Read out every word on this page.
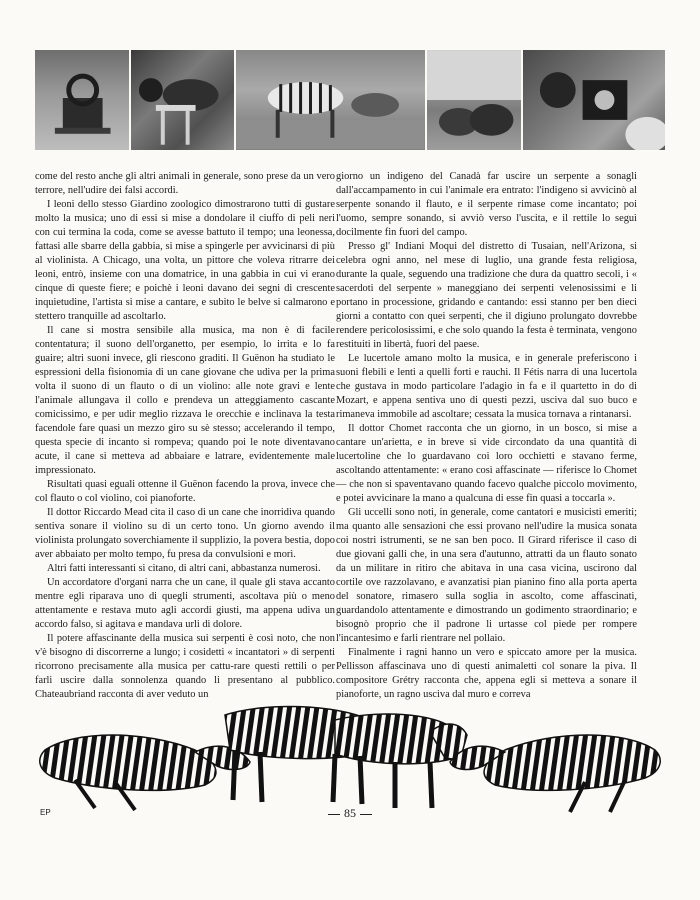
come del resto anche gli altri animali in generale, sono prese da un vero terrore, nell'udire dei falsi accordi.

I leoni dello stesso Giardino zoologico dimostrarono tutti di gustare molto la musica; uno di essi si mise a dondolare il ciuffo di peli neri con cui termina la coda, come se avesse battuto il tempo; una leonessa, fattasi alle sbarre della gabbia, si mise a spingerle per avvicinarsi di più al violinista. A Chicago, una volta, un pittore che voleva ritrarre dei leoni, entrò, insieme con una domatrice, in una gabbia in cui vi erano cinque di queste fiere; e poichè i leoni davano dei segni di crescente inquietudine, l'artista si mise a cantare, e subito le belve si calmarono e stettero tranquille ad ascoltarlo.

Il cane si mostra sensibile alla musica, ma non è di facile contentatura; il suono dell'organetto, per esempio, lo irrita e lo fa guaire; altri suoni invece, gli riescono graditi. Il Guënon ha studiato le espressioni della fisionomia di un cane giovane che udiva per la prima volta il suono di un flauto o di un violino: alle note gravi e lente l'animale allungava il collo e prendeva un atteggiamento cascante comicissimo, e per udir meglio rizzava le orecchie e inclinava la testa facendole fare quasi un mezzo giro su sè stesso; accelerando il tempo, questa specie di incanto si rompeva; quando poi le note diventavano acute, il cane si metteva ad abbaiare e latrare, evidentemente male impressionato.

Risultati quasi eguali ottenne il Guënon facendo la prova, invece che col flauto o col violino, coi pianoforte.

Il dottor Riccardo Mead cita il caso di un cane che inorridiva quando sentiva sonare il violino su di un certo tono. Un giorno avendo il violinista prolungato soverchiamente il supplizio, la povera bestia, dopo aver abbaiato per molto tempo, fu presa da convulsioni e morì.

Altri fatti interessanti si citano, di altri cani, abbastanza numerosi.

Un accordatore d'organi narra che un cane, il quale gli stava accanto mentre egli riparava uno di quegli strumenti, ascoltava più o meno attentamente e restava muto agli accordi giusti, ma appena udiva un accordo falso, si agitava e mandava urli di dolore.

Il potere affascinante della musica sui serpenti è così noto, che non v'è bisogno di discorrerne a lungo; i cosidetti « incantatori » di serpenti ricorrono precisamente alla musica per cattu-rare questi rettili o per farli uscire dalla sonnolenza quando li presentano al pubblico. Chateaubriand racconta di aver veduto un

giorno un indigeno del Canadà far uscire un serpente a sonagli dall'accampamento in cui l'animale era entrato: l'indigeno si avvicinò al serpente sonando il flauto, e il serpente rimase come incantato; poi l'uomo, sempre sonando, si avviò verso l'uscita, e il rettile lo seguì docilmente fin fuori del campo.

Presso gl' Indiani Moqui del distretto di Tusaian, nell'Arizona, si celebra ogni anno, nel mese di luglio, una grande festa religiosa, durante la quale, seguendo una tradizione che dura da quattro secoli, i « sacerdoti del serpente » maneggiano dei serpenti velenosissimi e li portano in processione, gridando e cantando: essi stanno per ben dieci giorni a contatto con quei serpenti, che il digiuno prolungato dovrebbe rendere pericolosissimi, e che solo quando la festa è terminata, vengono restituiti in libertà, fuori del paese.

Le lucertole amano molto la musica, e in generale preferiscono i suoni flebili e lenti a quelli forti e rauchi. Il Fétis narra di una lucertola che gustava in modo particolare l'adagio in fa e il quartetto in do di Mozart, e appena sentiva uno di questi pezzi, usciva dal suo buco e rimaneva immobile ad ascoltare; cessata la musica tornava a rintanarsi.

Il dottor Chomet racconta che un giorno, in un bosco, si mise a cantare un'arietta, e in breve si vide circondato da una quantità di lucertoline che lo guardavano coi loro occhietti e stavano ferme, ascoltando attentamente: « erano così affascinate — riferisce lo Chomet — che non si spaventavano quando facevo qualche piccolo movimento, e potei avvicinare la mano a qualcuna di esse fin quasi a toccarla ».

Gli uccelli sono noti, in generale, come cantatori e musicisti emeriti; ma quanto alle sensazioni che essi provano nell'udire la musica sonata coi nostri istrumenti, se ne san ben poco. Il Girard riferisce il caso di due giovani galli che, in una sera d'autunno, attratti da un flauto sonato da un militare in ritiro che abitava in una casa vicina, uscirono dal cortile ove razzolavano, e avanzatisi pian pianino fino alla porta aperta del sonatore, rimasero sulla soglia in ascolto, come affascinati, guardandolo attentamente e dimostrando un godimento straordinario; e bisognò proprio che il padrone li urtasse col piede per rompere l'incantesimo e farli rientrare nel pollaio.

Finalmente i ragni hanno un vero e spiccato amore per la musica. Pellisson affascinava uno di questi animaletti col sonare la piva. Il compositore Grétry racconta che, appena egli si metteva a sonare il pianoforte, un ragno usciva dal muro e correva

EP	85
